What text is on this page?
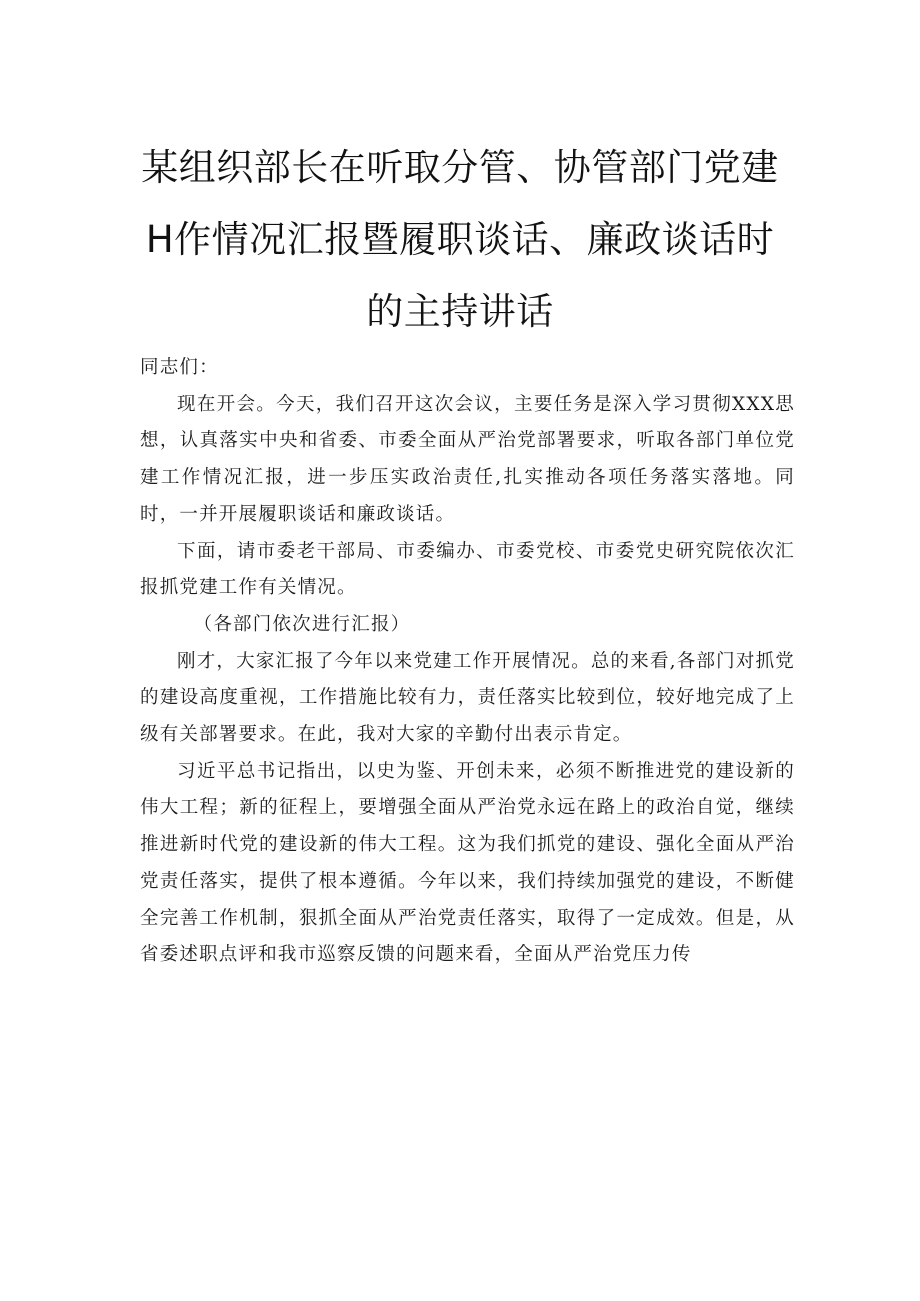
某组织部长在听取分管、协管部门党建
H作情况汇报暨履职谈话、廉政谈话时
的主持讲话

同志们：

现在开会。今天，我们召开这次会议，主要任务是深入学习贯彻XXX思想，认真落实中央和省委、市委全面从严治党部署要求，听取各部门单位党建工作情况汇报，进一步压实政治责任,扎实推动各项任务落实落地。同时，一并开展履职谈话和廉政谈话。

下面，请市委老干部局、市委编办、市委党校、市委党史研究院依次汇报抓党建工作有关情况。

（各部门依次进行汇报）

刚才，大家汇报了今年以来党建工作开展情况。总的来看,各部门对抓党的建设高度重视，工作措施比较有力，责任落实比较到位，较好地完成了上级有关部署要求。在此，我对大家的辛勤付出表示肯定。

习近平总书记指出，以史为鉴、开创未来，必须不断推进党的建设新的伟大工程；新的征程上，要增强全面从严治党永远在路上的政治自觉，继续推进新时代党的建设新的伟大工程。这为我们抓党的建设、强化全面从严治党责任落实，提供了根本遵循。今年以来，我们持续加强党的建设，不断健全完善工作机制，狠抓全面从严治党责任落实，取得了一定成效。但是，从省委述职点评和我市巡察反馈的问题来看，全面从严治党压力传
